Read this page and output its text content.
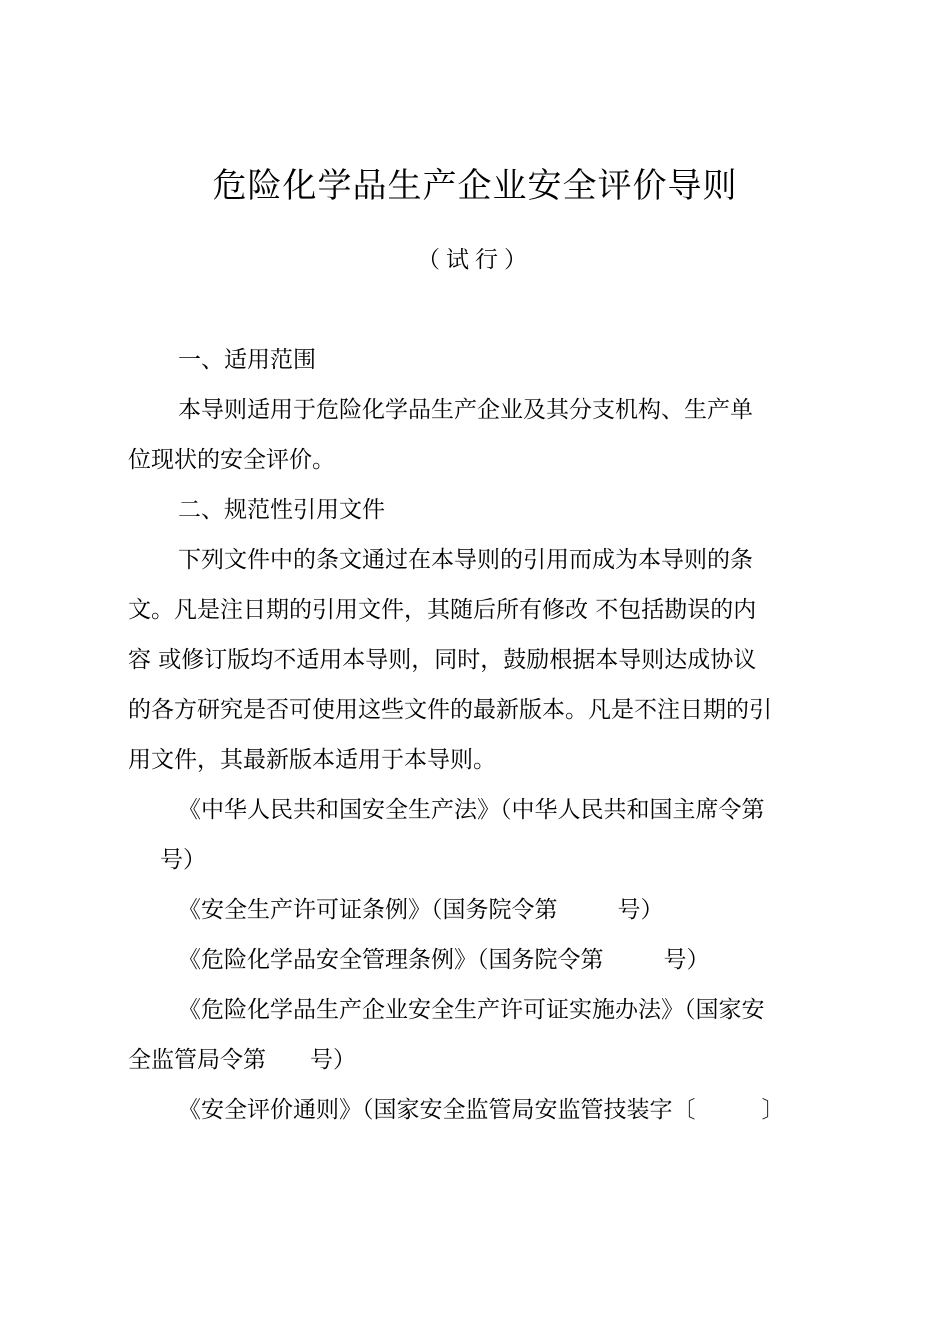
危险化学品生产企业安全评价导则
（试行）
一、适用范围
本导则适用于危险化学品生产企业及其分支机构、生产单
位现状的安全评价。
二、规范性引用文件
下列文件中的条文通过在本导则的引用而成为本导则的条
文。凡是注日期的引用文件，其随后所有修改 不包括勘误的内
容 或修订版均不适用本导则，同时，鼓励根据本导则达成协议
的各方研究是否可使用这些文件的最新版本。凡是不注日期的引
用文件，其最新版本适用于本导则。
《中华人民共和国安全生产法》（中华人民共和国主席令第
号）
《安全生产许可证条例》（国务院令第	号）
《危险化学品安全管理条例》（国务院令第	号）
《危险化学品生产企业安全生产许可证实施办法》（国家安
全监管局令第 号）
《安全评价通则》（国家安全监管局安监管技装字〔	〕
